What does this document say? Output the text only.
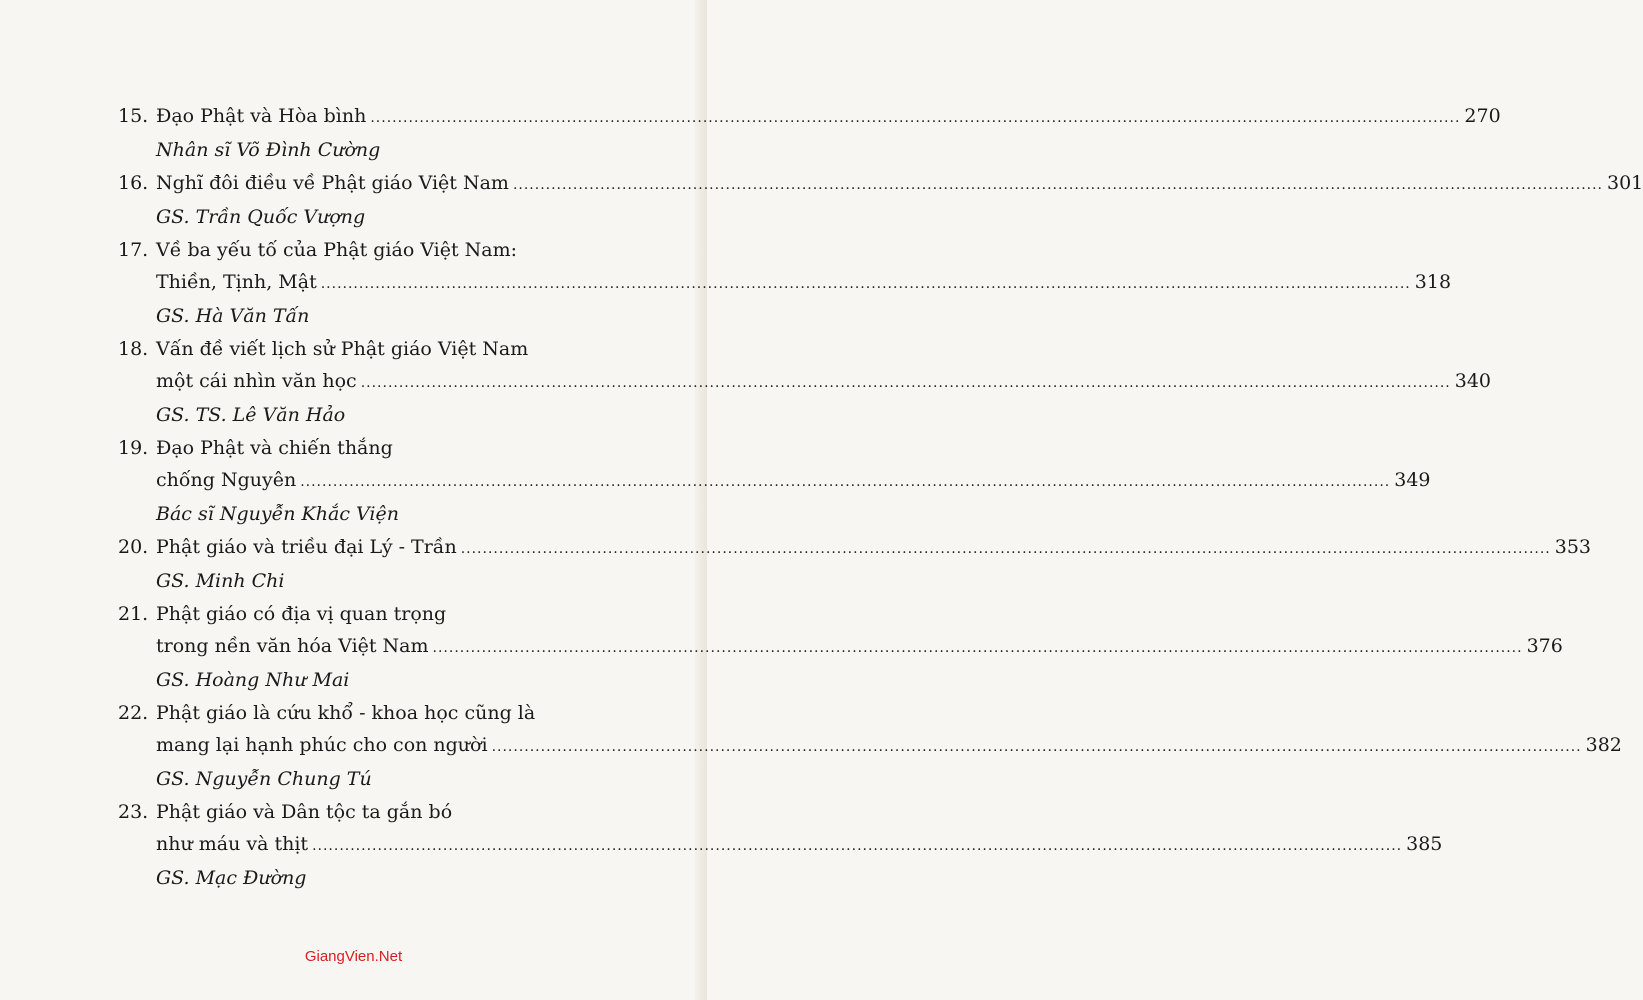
15. Đạo Phật và Hòa bình ........................................................................................................................................................................................................ 270
Nhân sĩ Võ Đình Cường
16. Nghĩ đôi điều về Phật giáo Việt Nam ........................................................................................................................................................................................................ 301
GS. Trần Quốc Vượng
17. Về ba yếu tố của Phật giáo Việt Nam:
Thiền, Tịnh, Mật ........................................................................................................................................................................................................ 318
GS. Hà Văn Tấn
18. Vấn đề viết lịch sử Phật giáo Việt Nam
một cái nhìn văn học ........................................................................................................................................................................................................ 340
GS. TS. Lê Văn Hảo
19. Đạo Phật và chiến thắng
chống Nguyên ........................................................................................................................................................................................................ 349
Bác sĩ Nguyễn Khắc Viện
20. Phật giáo và triều đại Lý - Trần ........................................................................................................................................................................................................ 353
GS. Minh Chi
21. Phật giáo có địa vị quan trọng
trong nền văn hóa Việt Nam ........................................................................................................................................................................................................ 376
GS. Hoàng Như Mai
22. Phật giáo là cứu khổ - khoa học cũng là
mang lại hạnh phúc cho con người ........................................................................................................................................................................................................ 382
GS. Nguyễn Chung Tú
23. Phật giáo và Dân tộc ta gắn bó
như máu và thịt ........................................................................................................................................................................................................ 385
GS. Mạc Đường
GiangVien.Net
